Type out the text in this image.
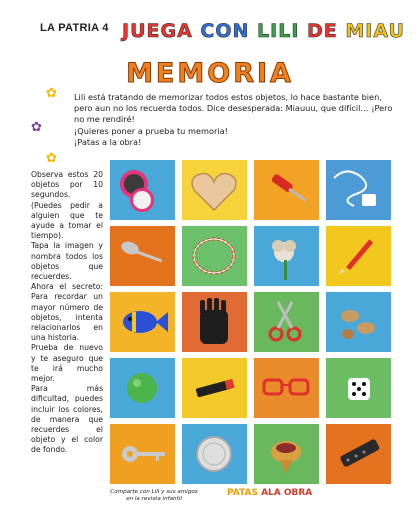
LA PATRIA 4 JUEGA CON LILI DE MIAU
MEMORIA
✿
✿
✿

Lili está tratando de memorizar todos estos objetos, lo hace bastante bien, pero aun no los recuerda todos. Dice desesperada: Miauuu, que difícil… ¡Pero no me rendiré!

¡Quieres poner a prueba tu memoria!

¡Patas a la obra!

Observa estos 20 objetos por 10 segundos. (Puedes pedir a alguien que te ayude a tomar el tiempo).

Tapa la imagen y nombra todos los objetos que recuerdes.

Ahora el secreto: Para recordar un mayor número de objetos, intenta relacionarlos en una historia.

Prueba de nuevo y te aseguro que te irá mucho mejor.

Para más dificultad, puedes incluir los colores, de manera que recuerdes el objeto y el color de fondo.

Comparte con Lili y sus amigos
en la revista infantil
PATAS ALA OBRA
